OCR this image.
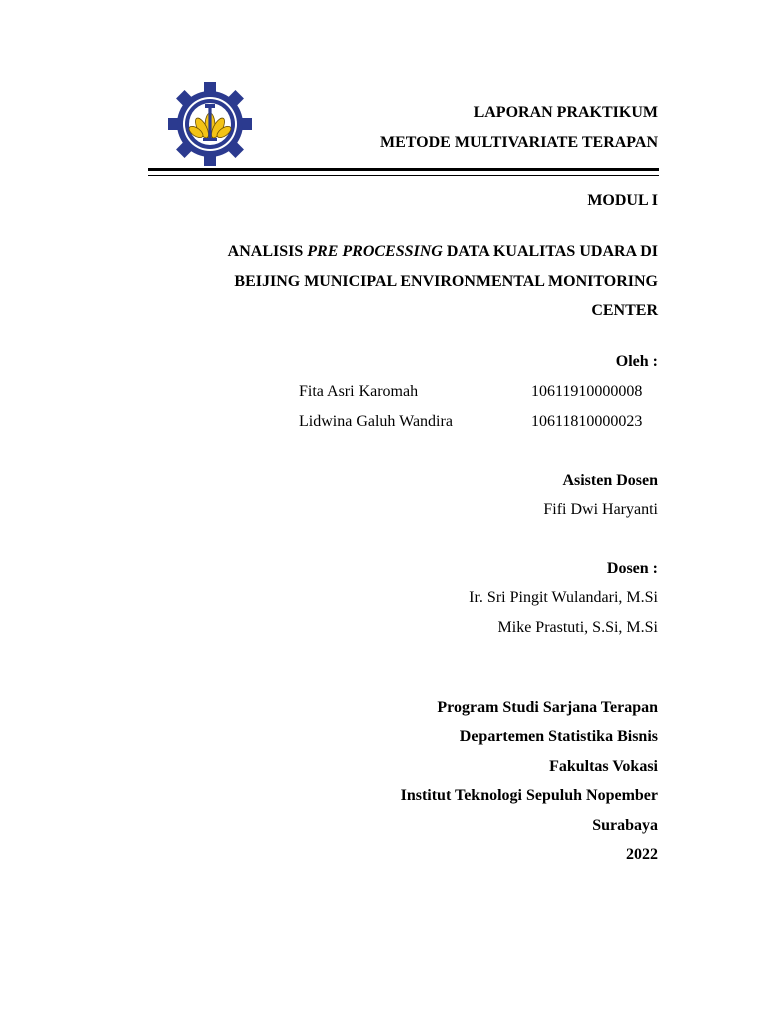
LAPORAN PRAKTIKUM
METODE MULTIVARIATE TERAPAN
MODUL I
ANALISIS PRE PROCESSING DATA KUALITAS UDARA DI
BEIJING MUNICIPAL ENVIRONMENTAL MONITORING
CENTER
Oleh :
Fita Asri Karomah	10611910000008
Lidwina Galuh Wandira	10611810000023
Asisten Dosen
Fifi Dwi Haryanti
Dosen :
Ir. Sri Pingit Wulandari, M.Si
Mike Prastuti, S.Si, M.Si
Program Studi Sarjana Terapan
Departemen Statistika Bisnis
Fakultas Vokasi
Institut Teknologi Sepuluh Nopember
Surabaya
2022
